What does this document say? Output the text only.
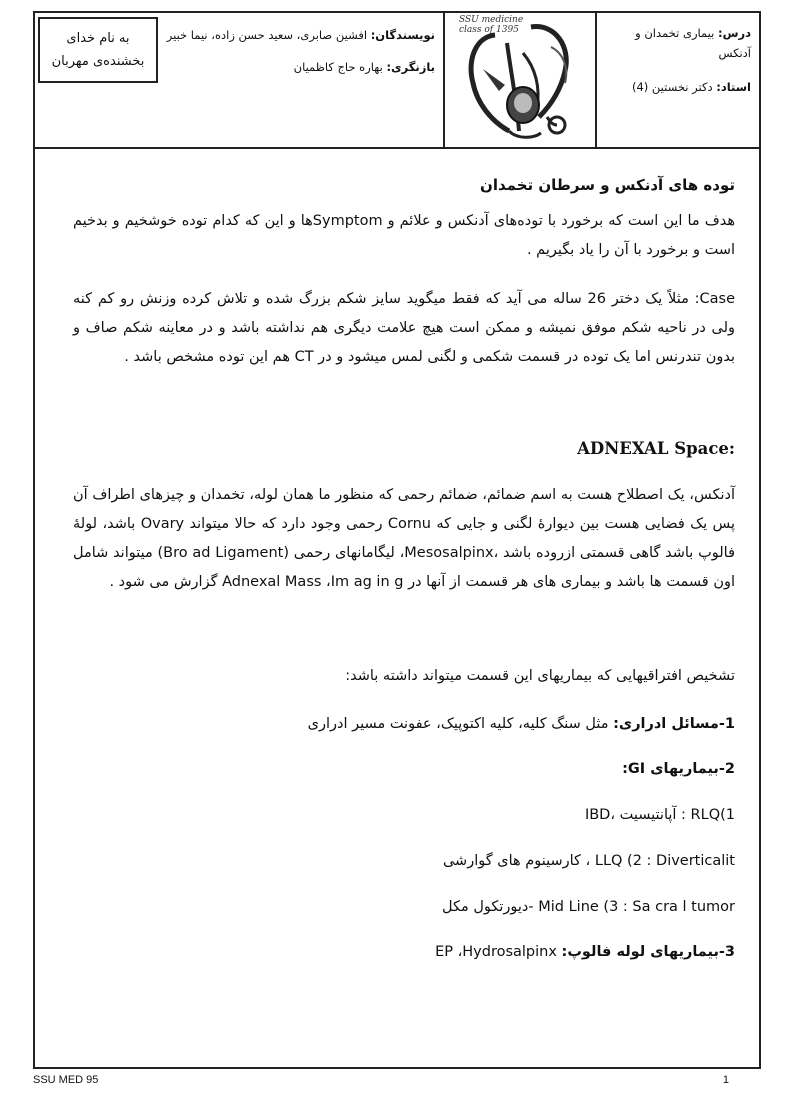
درس: بیماری تخمدان و آدنکس
استاد: دکتر نخستین (4)
SSU medicine
class of 1395
نویسندگان: افشین صابری، سعید حسن زاده، نیما خبیر
بازنگری: بهاره حاج کاظمیان
به نام خدای
بخشنده‌ی مهربان
توده های آدنکس و سرطان تخمدان

هدف ما این است که برخورد با توده‌های آدنکس و علائم و Symptomها و این که کدام توده خوشخیم و بدخیم است و برخورد با آن را یاد بگیریم .

Case: مثلاً یک دختر 26 ساله می آید که فقط میگوید سایز شکم بزرگ شده و تلاش کرده وزنش رو کم کنه ولی در ناحیه شکم موفق نمیشه و ممکن است هیچ علامت دیگری هم نداشته باشد و در معاینه شکم صاف و بدون تندرنس اما یک توده در قسمت شکمی و لگنی لمس میشود و در CT هم این توده مشخص باشد .

ADNEXAL Space:

آدنکس، یک اصطلاح هست به اسم ضمائم، ضمائم رحمی که منظور ما همان لوله، تخمدان و چیزهای اطراف آن پس یک فضایی هست بین دیوارهٔ لگنی و جایی که Cornu رحمی وجود دارد که حالا میتواند Ovary باشد، لولهٔ فالوپ باشد گاهی قسمتی ازروده باشد ،Mesosalpinx، لیگامانهای رحمی (Bro ad Ligament) میتواند شامل اون قسمت ها باشد و بیماری های هر قسمت از آنها در Adnexal Mass ،Im ag in g گزارش می شود .

تشخیص افتراقیهایی که بیماریهای این قسمت میتواند داشته باشد:
1-مسائل ادراری: مثل سنگ کلیه، کلیه اکتوپیک، عفونت مسیر ادراری
2-بیماریهای GI:
RLQ(1 : آپانتیسیت ،IBD
LLQ (2 : Diverticalit ، کارسینوم های گوارشی
Mid Line (3 : Sa cra l tumor -دیورتکول مکل
3-بیماریهای لوله فالوپ: EP ،Hydrosalpinx
SSU MED 95	1
